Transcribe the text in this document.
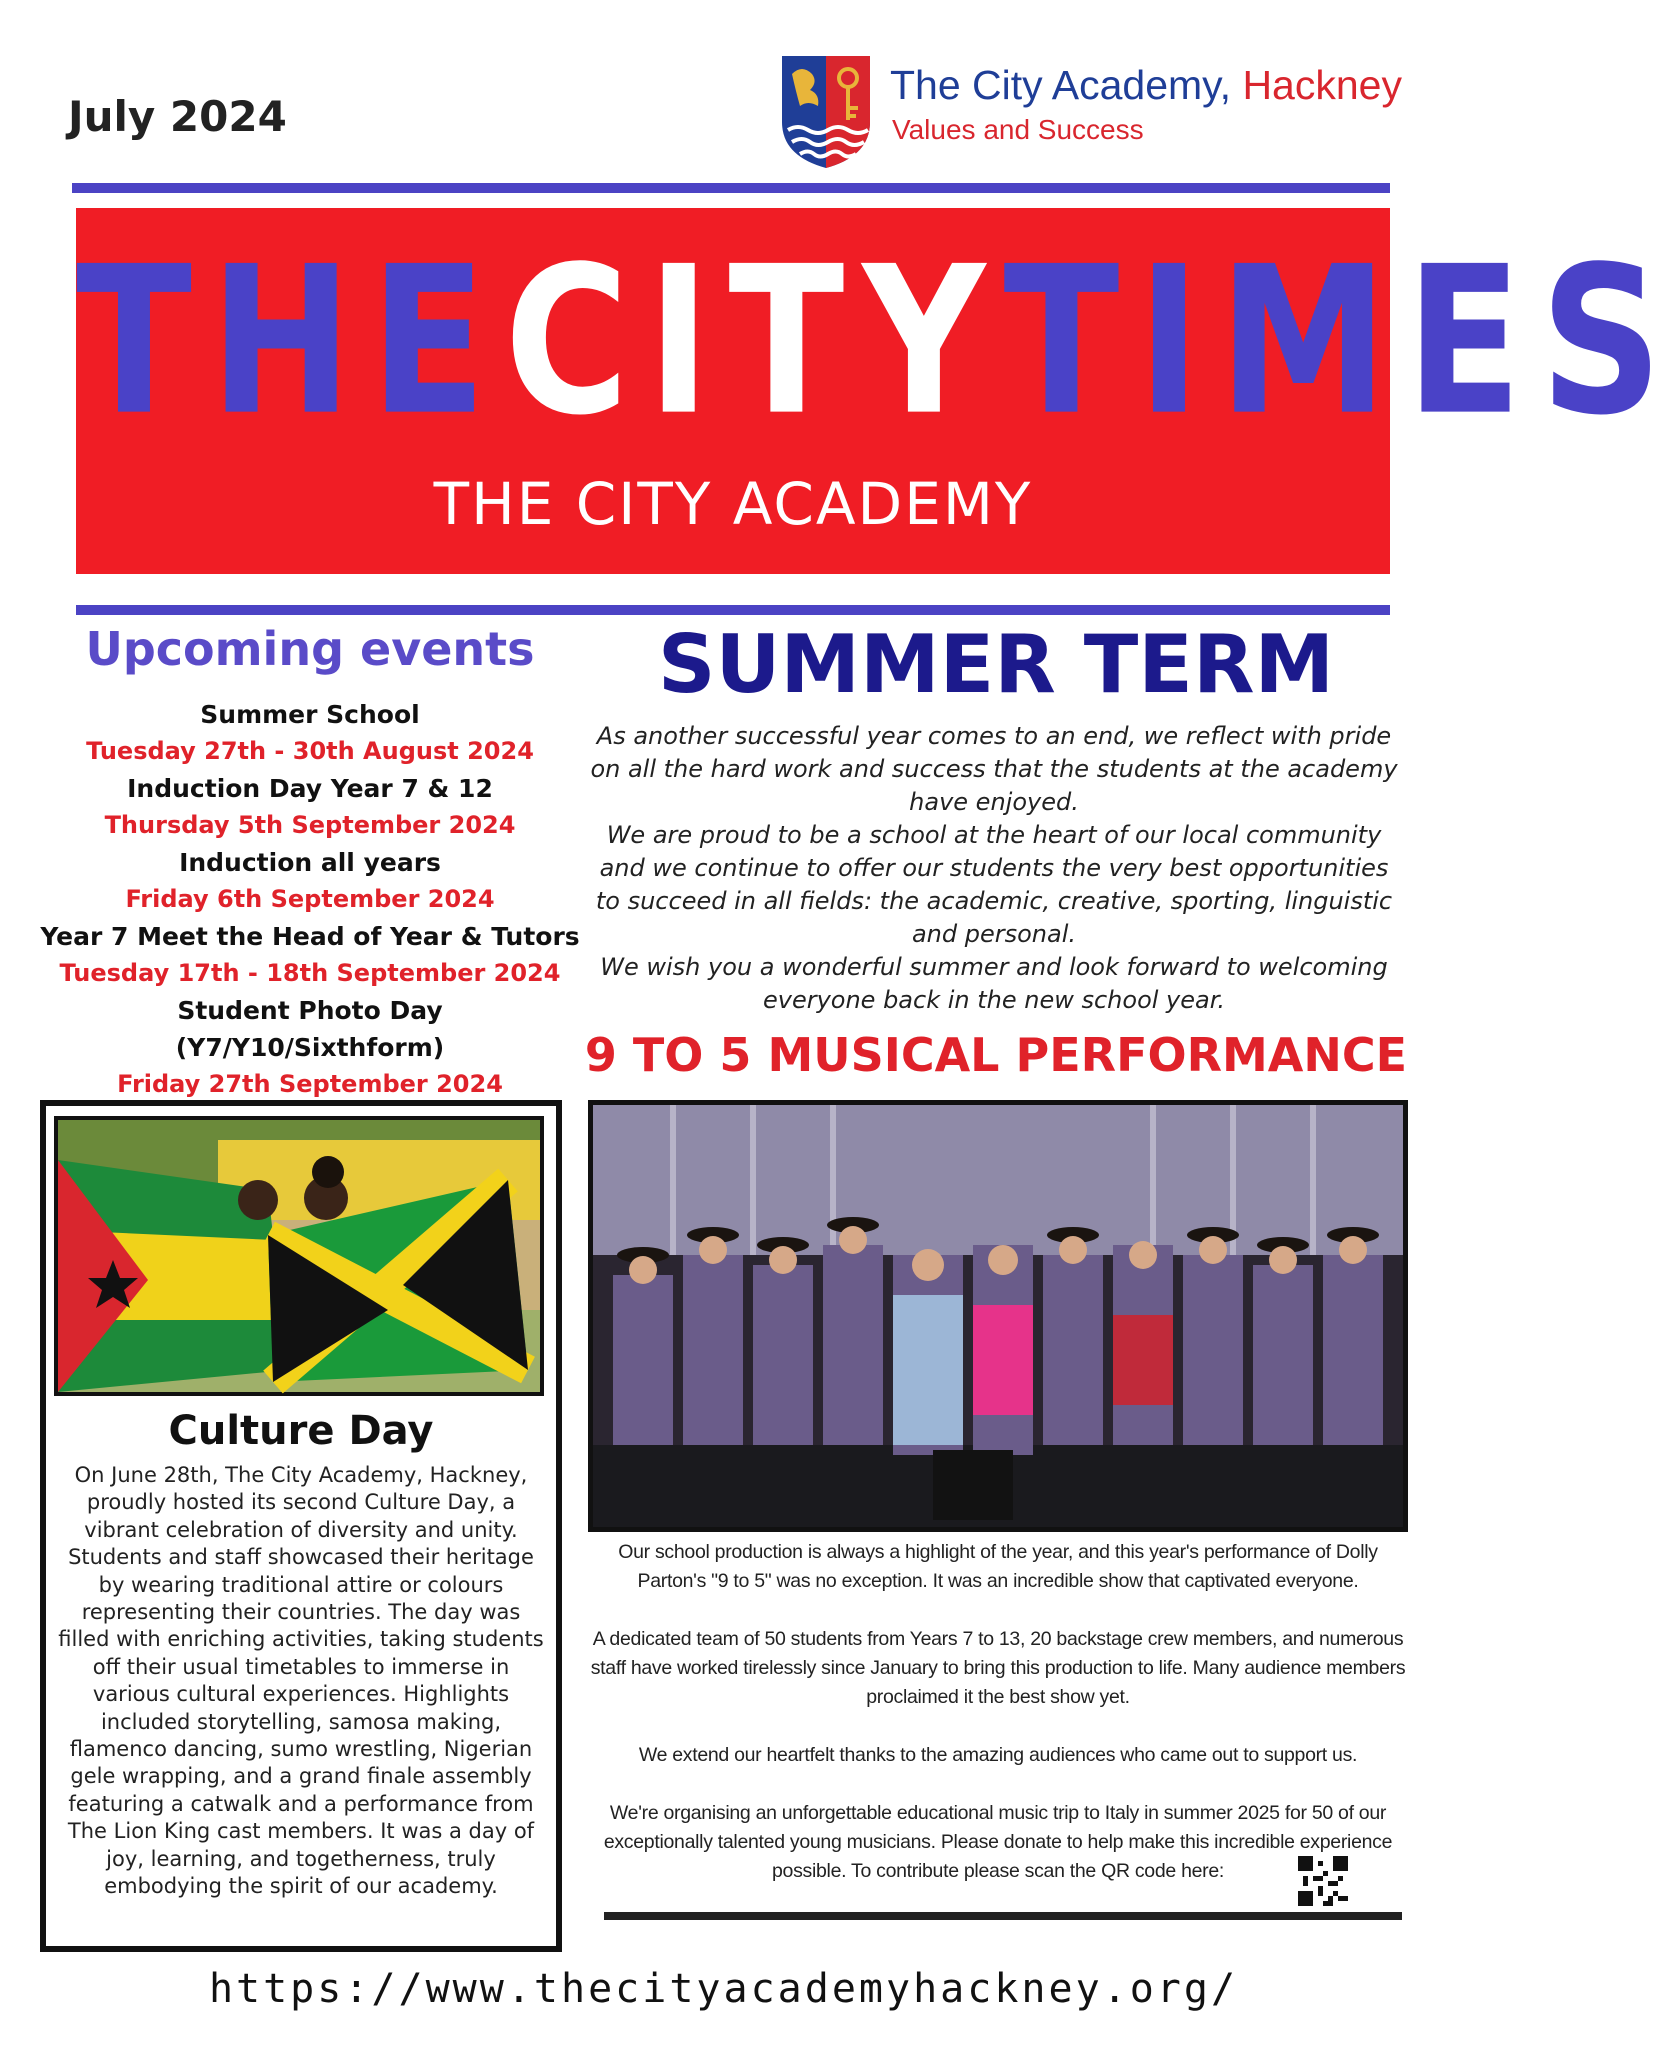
July 2024
The City Academy, Hackney
Values and Success
THECITYTIMES
THE CITY ACADEMY
Upcoming events
Summer School
Tuesday 27th - 30th August 2024
Induction Day Year 7 & 12
Thursday 5th September 2024
Induction all years
Friday 6th September 2024
Year 7 Meet the Head of Year & Tutors
Tuesday 17th - 18th September 2024
Student Photo Day (Y7/Y10/Sixthform)
Friday 27th September 2024
SUMMER TERM

As another successful year comes to an end, we reflect with pride on all the hard work and success that the students at the academy have enjoyed.

We are proud to be a school at the heart of our local community and we continue to offer our students the very best opportunities to succeed in all fields: the academic, creative, sporting, linguistic and personal.

We wish you a wonderful summer and look forward to welcoming everyone back in the new school year.

9 TO 5 MUSICAL PERFORMANCE
Culture Day
On June 28th, The City Academy, Hackney, proudly hosted its second Culture Day, a vibrant celebration of diversity and unity. Students and staff showcased their heritage by wearing traditional attire or colours representing their countries. The day was filled with enriching activities, taking students off their usual timetables to immerse in various cultural experiences. Highlights included storytelling, samosa making, flamenco dancing, sumo wrestling, Nigerian gele wrapping, and a grand finale assembly featuring a catwalk and a performance from The Lion King cast members. It was a day of joy, learning, and togetherness, truly embodying the spirit of our academy.

Our school production is always a highlight of the year, and this year's performance of Dolly Parton's "9 to 5" was no exception. It was an incredible show that captivated everyone.

A dedicated team of 50 students from Years 7 to 13, 20 backstage crew members, and numerous staff have worked tirelessly since January to bring this production to life. Many audience members proclaimed it the best show yet.

We extend our heartfelt thanks to the amazing audiences who came out to support us.

We're organising an unforgettable educational music trip to Italy in summer 2025 for 50 of our exceptionally talented young musicians. Please donate to help make this incredible experience possible. To contribute please scan the QR code here:

https://www.thecityacademyhackney.org/
